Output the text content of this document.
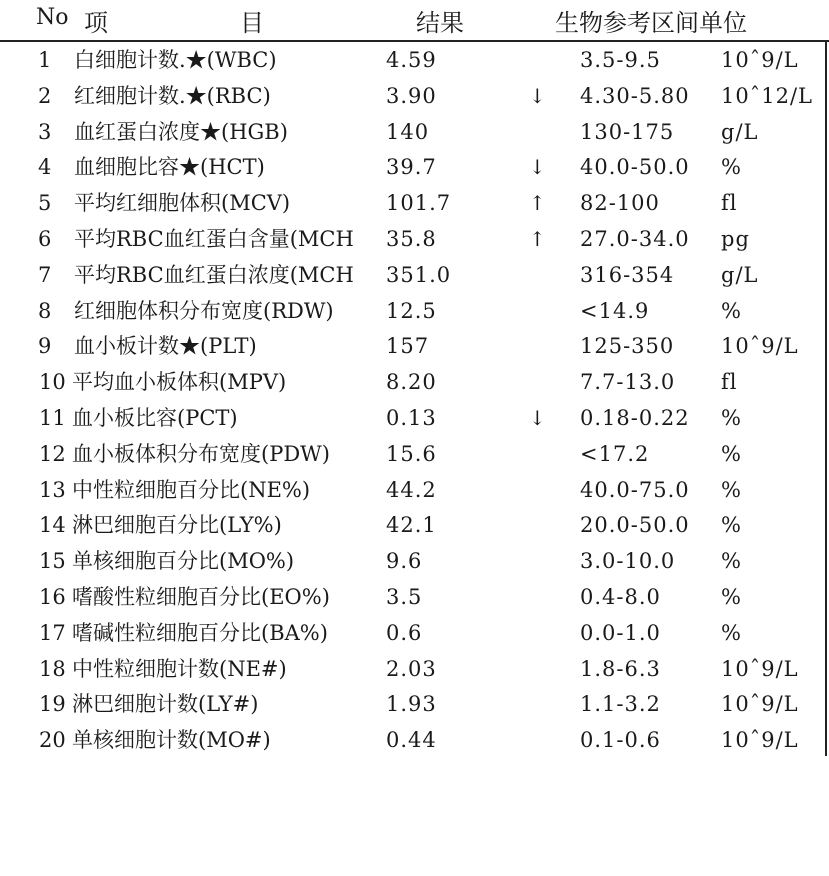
No 项	目	结果	生物参考区间单位
1	白细胞计数.★(WBC)	4.59	3.5-9.5	10ˆ9/L
2	红细胞计数.★(RBC)	3.90	↓ 4.30-5.80 10ˆ12/L
3	血红蛋白浓度★(HGB)	140	130-175 g/L
4	血细胞比容★(HCT)	39.7	↓ 40.0-50.0 %
5	平均红细胞体积(MCV)	101.7	↑ 82-100	fl
6	平均RBC血红蛋白含量(MCH 35.8	↑ 27.0-34.0 pg
7	平均RBC血红蛋白浓度(MCH 351.0	316-354 g/L
8	红细胞体积分布宽度(RDW) 12.5	<14.9	%
9	血小板计数★(PLT)	157	125-350 10ˆ9/L
10 平均血小板体积(MPV)	8.20	7.7-13.0 fl
11 血小板比容(PCT)	0.13	↓ 0.18-0.22 %
12 血小板体积分布宽度(PDW)	15.6	<17.2	%
13 中性粒细胞百分比(NE%)	44.2	40.0-75.0 %
14 淋巴细胞百分比(LY%)	42.1	20.0-50.0 %
15 单核细胞百分比(MO%)	9.6	3.0-10.0 %
16 嗜酸性粒细胞百分比(EO%)	3.5	0.4-8.0	%
17 嗜碱性粒细胞百分比(BA%)	0.6	0.0-1.0	%
18 中性粒细胞计数(NE#)	2.03	1.8-6.3	10ˆ9/L
19 淋巴细胞计数(LY#)	1.93	1.1-3.2	10ˆ9/L
20 单核细胞计数(MO#)	0.44	0.1-0.6	10ˆ9/L
